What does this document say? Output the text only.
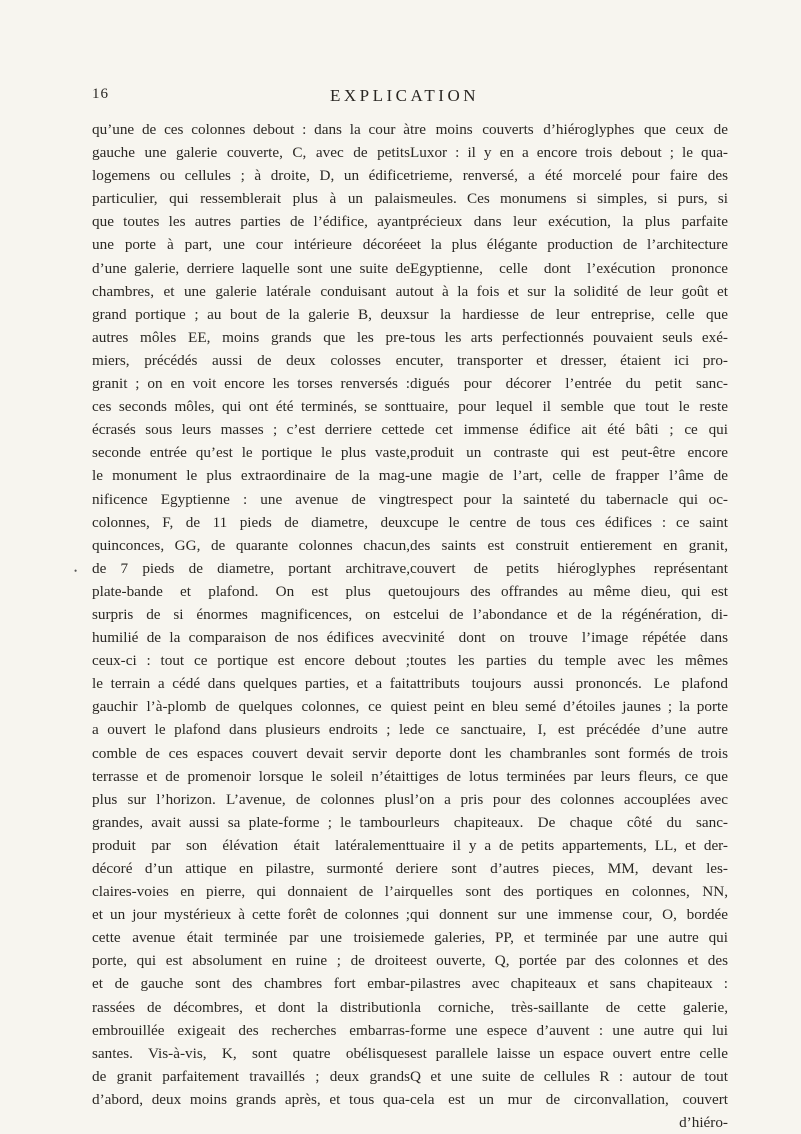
16	EXPLICATION
•
qu’une de ces colonnes debout : dans la cour à
gauche une galerie couverte, C, avec de petits
logemens ou cellules ; à droite, D, un édifice
particulier, qui ressemblerait plus à un palais
que toutes les autres parties de l’édifice, ayant
une porte à part, une cour intérieure décorée
d’une galerie, derriere laquelle sont une suite de
chambres, et une galerie latérale conduisant au
grand portique ; au bout de la galerie B, deux
autres môles EE, moins grands que les pre-
miers, précédés aussi de deux colosses en
granit ; on en voit encore les torses renversés :
ces seconds môles, qui ont été terminés, se sont
écrasés sous leurs masses ; c’est derriere cette
seconde entrée qu’est le portique le plus vaste,
le monument le plus extraordinaire de la mag-
nificence Egyptienne : une avenue de vingt
colonnes, F, de 11 pieds de diametre, deux
quinconces, GG, de quarante colonnes chacun,
de 7 pieds de diametre, portant architrave,
plate-bande et plafond. On est plus que
surpris de si énormes magnificences, on est
humilié de la comparaison de nos édifices avec
ceux-ci : tout ce portique est encore debout ;
le terrain a cédé dans quelques parties, et a fait
gauchir l’à-plomb de quelques colonnes, ce qui
a ouvert le plafond dans plusieurs endroits ; le
comble de ces espaces couvert devait servir de
terrasse et de promenoir lorsque le soleil n’était
plus sur l’horizon. L’avenue, de colonnes plus
grandes, avait aussi sa plate-forme ; le tambour
produit par son élévation était latéralement
décoré d’un attique en pilastre, surmonté de
claires-voies en pierre, qui donnaient de l’air
et un jour mystérieux à cette forêt de colonnes ;
cette avenue était terminée par une troisieme
porte, qui est absolument en ruine ; de droite
et de gauche sont des chambres fort embar-
rassées de décombres, et dont la distribution
embrouillée exigeait des recherches embarras-
santes. Vis-à-vis, K, sont quatre obélisques
de granit parfaitement travaillés ; deux grands
d’abord, deux moins grands après, et tous qua-
tre moins couverts d’hiéroglyphes que ceux de
Luxor : il y en a encore trois debout ; le qua-
trieme, renversé, a été morcelé pour faire des
meules. Ces monumens si simples, si purs, si
précieux dans leur exécution, la plus parfaite
et la plus élégante production de l’architecture
Egyptienne, celle dont l’exécution prononce
tout à la fois et sur la solidité de leur goût et
sur la hardiesse de leur entreprise, celle que
tous les arts perfectionnés pouvaient seuls exé-
cuter, transporter et dresser, étaient ici pro-
digués pour décorer l’entrée du petit sanc-
tuaire, pour lequel il semble que tout le reste
de cet immense édifice ait été bâti ; ce qui
produit un contraste qui est peut-être encore
une magie de l’art, celle de frapper l’âme de
respect pour la sainteté du tabernacle qui oc-
cupe le centre de tous ces édifices : ce saint
des saints est construit entierement en granit,
couvert de petits hiéroglyphes représentant
toujours des offrandes au même dieu, qui est
celui de l’abondance et de la régénération, di-
vinité dont on trouve l’image répétée dans
toutes les parties du temple avec les mêmes
attributs toujours aussi prononcés. Le plafond
est peint en bleu semé d’étoiles jaunes ; la porte
de ce sanctuaire, I, est précédée d’une autre
porte dont les chambranles sont formés de trois
tiges de lotus terminées par leurs fleurs, ce que
l’on a pris pour des colonnes accouplées avec
leurs chapiteaux. De chaque côté du sanc-
tuaire il y a de petits appartements, LL, et der-
riere sont d’autres pieces, MM, devant les-
quelles sont des portiques en colonnes, NN,
qui donnent sur une immense cour, O, bordée
de galeries, PP, et terminée par une autre qui
est ouverte, Q, portée par des colonnes et des
pilastres avec chapiteaux et sans chapiteaux :
la corniche, très-saillante de cette galerie,
forme une espece d’auvent : une autre qui lui
est parallele laisse un espace ouvert entre celle
Q et une suite de cellules R : autour de tout
cela est un mur de circonvallation, couvert
d’hiéro-
